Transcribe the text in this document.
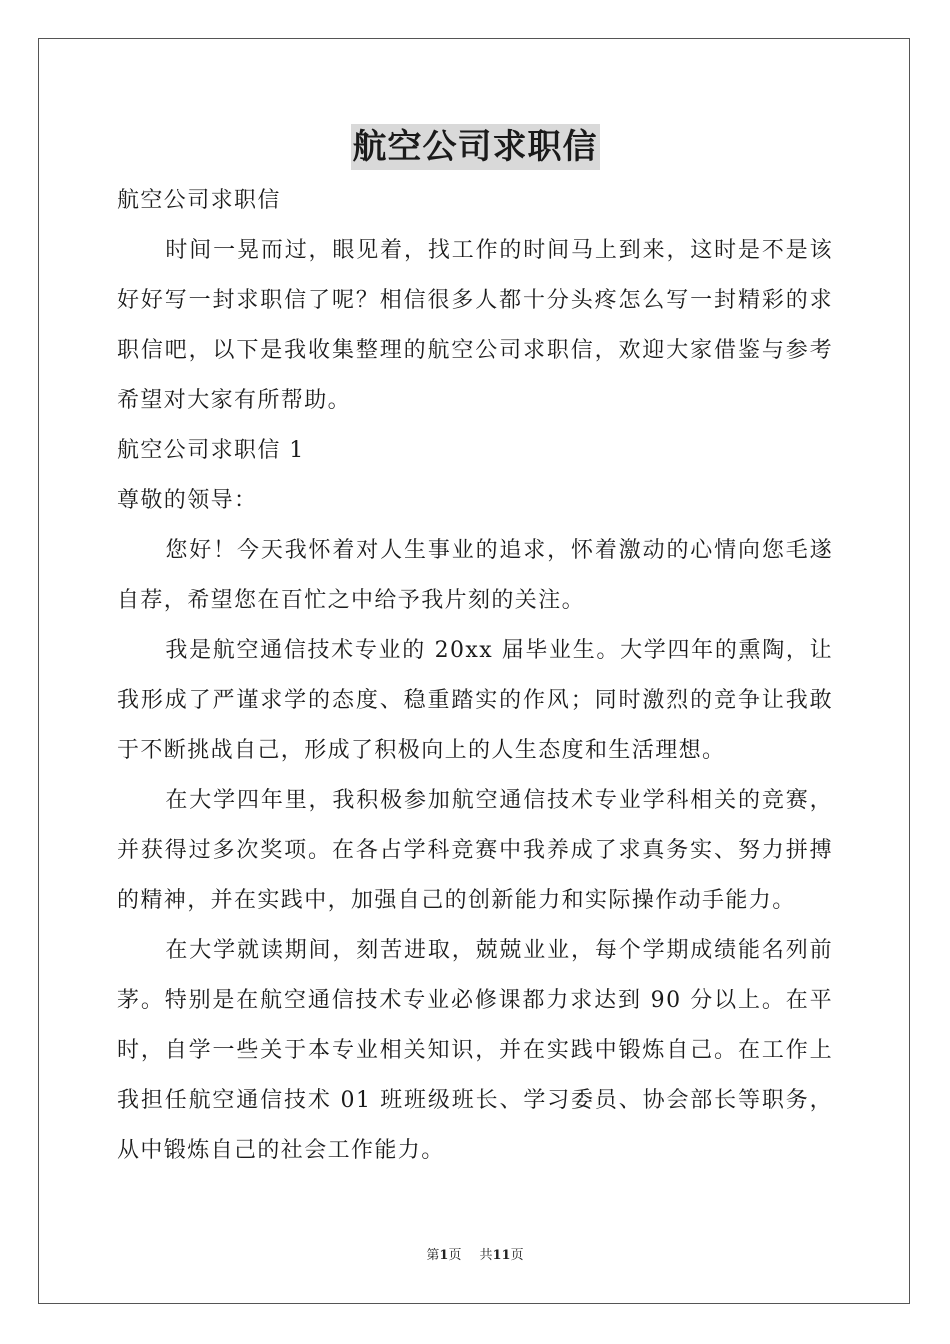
航空公司求职信

航空公司求职信

时间一晃而过，眼见着，找工作的时间马上到来，这时是不是该好好写一封求职信了呢？相信很多人都十分头疼怎么写一封精彩的求职信吧，以下是我收集整理的航空公司求职信，欢迎大家借鉴与参考希望对大家有所帮助。

航空公司求职信 1

尊敬的领导：

您好！今天我怀着对人生事业的追求，怀着激动的心情向您毛遂自荐，希望您在百忙之中给予我片刻的关注。

我是航空通信技术专业的 20xx 届毕业生。大学四年的熏陶，让我形成了严谨求学的态度、稳重踏实的作风；同时激烈的竞争让我敢于不断挑战自己，形成了积极向上的人生态度和生活理想。

在大学四年里，我积极参加航空通信技术专业学科相关的竞赛，并获得过多次奖项。在各占学科竞赛中我养成了求真务实、努力拼搏的精神，并在实践中，加强自己的创新能力和实际操作动手能力。

在大学就读期间，刻苦进取，兢兢业业，每个学期成绩能名列前茅。特别是在航空通信技术专业必修课都力求达到 90 分以上。在平时，自学一些关于本专业相关知识，并在实践中锻炼自己。在工作上我担任航空通信技术 01 班班级班长、学习委员、协会部长等职务，从中锻炼自己的社会工作能力。

第1页 共11页
